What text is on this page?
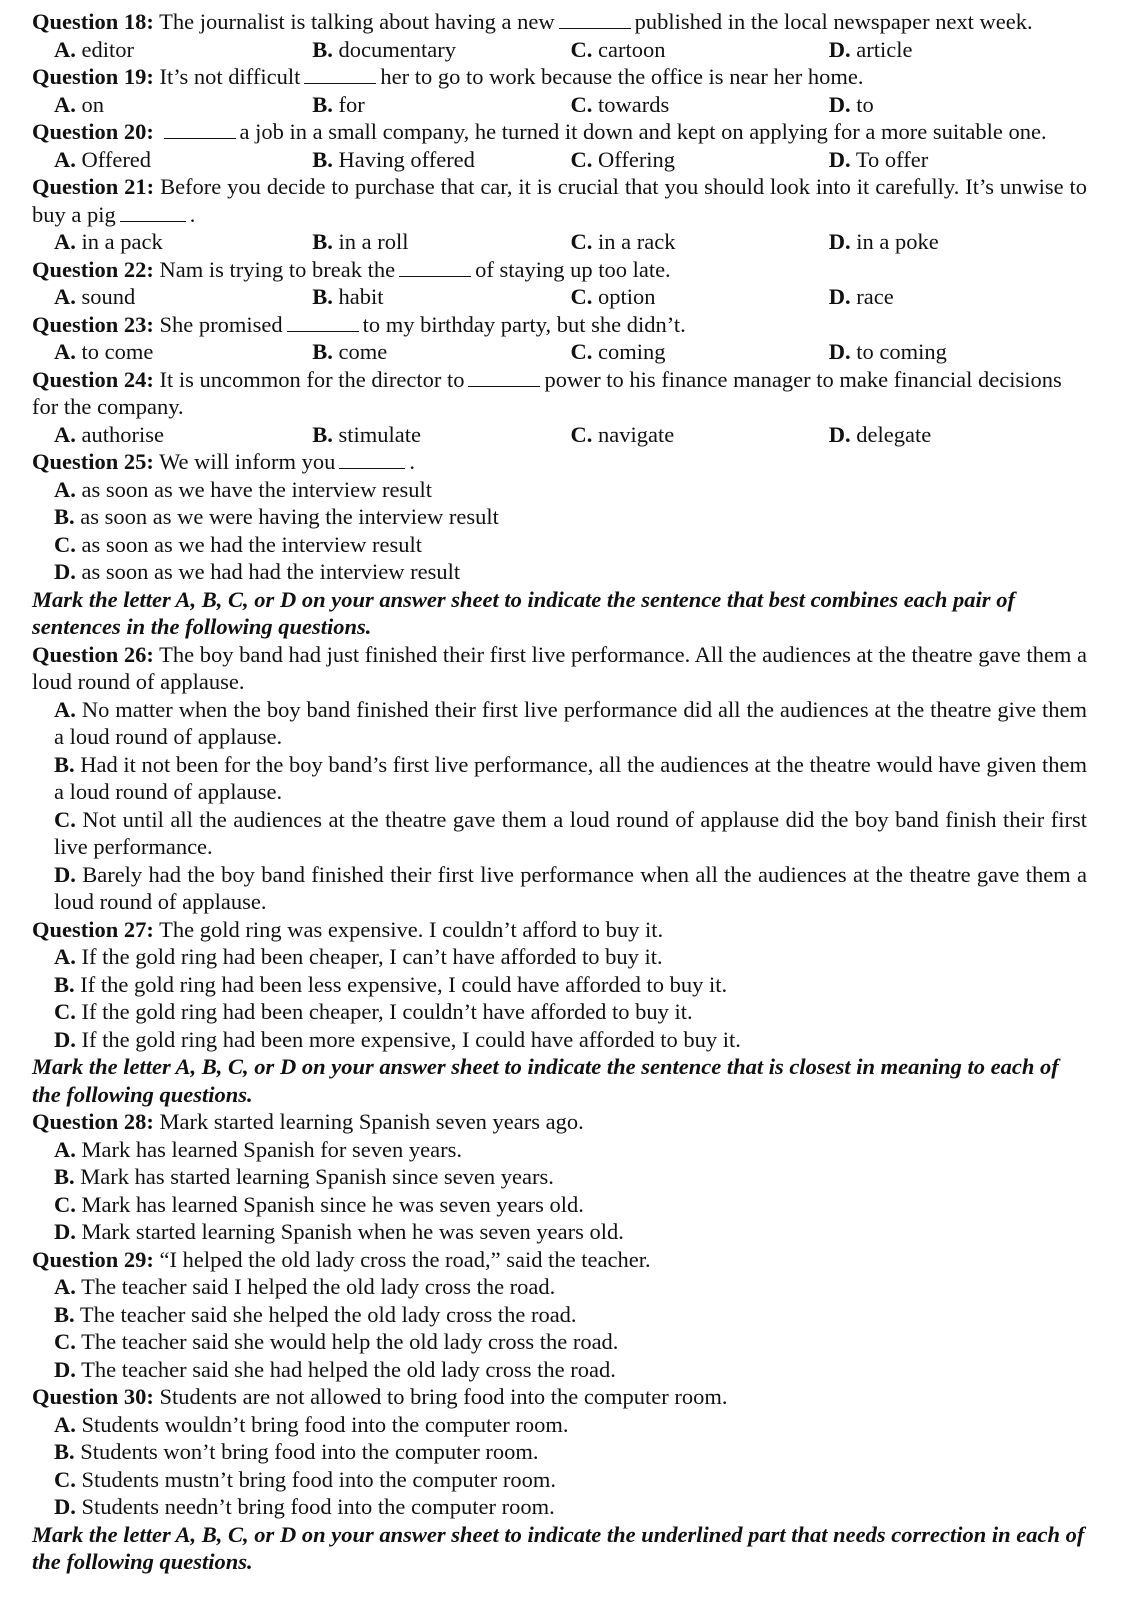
Question 18: The journalist is talking about having a new	published in the local newspaper next week.

A. editor	B. documentary	C. cartoon	D. article

Question 19: It’s not difficult	her to go to work because the office is near her home.

A. on	B. for	C. towards	D. to

Question 20:	a job in a small company, he turned it down and kept on applying for a more suitable one.

A. Offered	B. Having offered	C. Offering	D. To offer

Question 21: Before you decide to purchase that car, it is crucial that you should look into it carefully. It’s unwise to buy a pig	.

A. in a pack	B. in a roll	C. in a rack	D. in a poke

Question 22: Nam is trying to break the	of staying up too late.

A. sound	B. habit	C. option	D. race

Question 23: She promised	to my birthday party, but she didn’t.

A. to come	B. come	C. coming	D. to coming

Question 24: It is uncommon for the director to	power to his finance manager to make financial decisions for the company.

A. authorise	B. stimulate	C. navigate	D. delegate

Question 25: We will inform you	.

A. as soon as we have the interview result
B. as soon as we were having the interview result
C. as soon as we had the interview result
D. as soon as we had had the interview result

Mark the letter A, B, C, or D on your answer sheet to indicate the sentence that best combines each pair of sentences in the following questions.

Question 26: The boy band had just finished their first live performance. All the audiences at the theatre gave them a loud round of applause.

A. No matter when the boy band finished their first live performance did all the audiences at the theatre give them a loud round of applause.
B. Had it not been for the boy band’s first live performance, all the audiences at the theatre would have given them a loud round of applause.
C. Not until all the audiences at the theatre gave them a loud round of applause did the boy band finish their first live performance.
D. Barely had the boy band finished their first live performance when all the audiences at the theatre gave them a loud round of applause.

Question 27: The gold ring was expensive. I couldn’t afford to buy it.

A. If the gold ring had been cheaper, I can’t have afforded to buy it.
B. If the gold ring had been less expensive, I could have afforded to buy it.
C. If the gold ring had been cheaper, I couldn’t have afforded to buy it.
D. If the gold ring had been more expensive, I could have afforded to buy it.

Mark the letter A, B, C, or D on your answer sheet to indicate the sentence that is closest in meaning to each of the following questions.

Question 28: Mark started learning Spanish seven years ago.

A. Mark has learned Spanish for seven years.
B. Mark has started learning Spanish since seven years.
C. Mark has learned Spanish since he was seven years old.
D. Mark started learning Spanish when he was seven years old.

Question 29: “I helped the old lady cross the road,” said the teacher.

A. The teacher said I helped the old lady cross the road.
B. The teacher said she helped the old lady cross the road.
C. The teacher said she would help the old lady cross the road.
D. The teacher said she had helped the old lady cross the road.

Question 30: Students are not allowed to bring food into the computer room.

A. Students wouldn’t bring food into the computer room.
B. Students won’t bring food into the computer room.
C. Students mustn’t bring food into the computer room.
D. Students needn’t bring food into the computer room.

Mark the letter A, B, C, or D on your answer sheet to indicate the underlined part that needs correction in each of the following questions.
